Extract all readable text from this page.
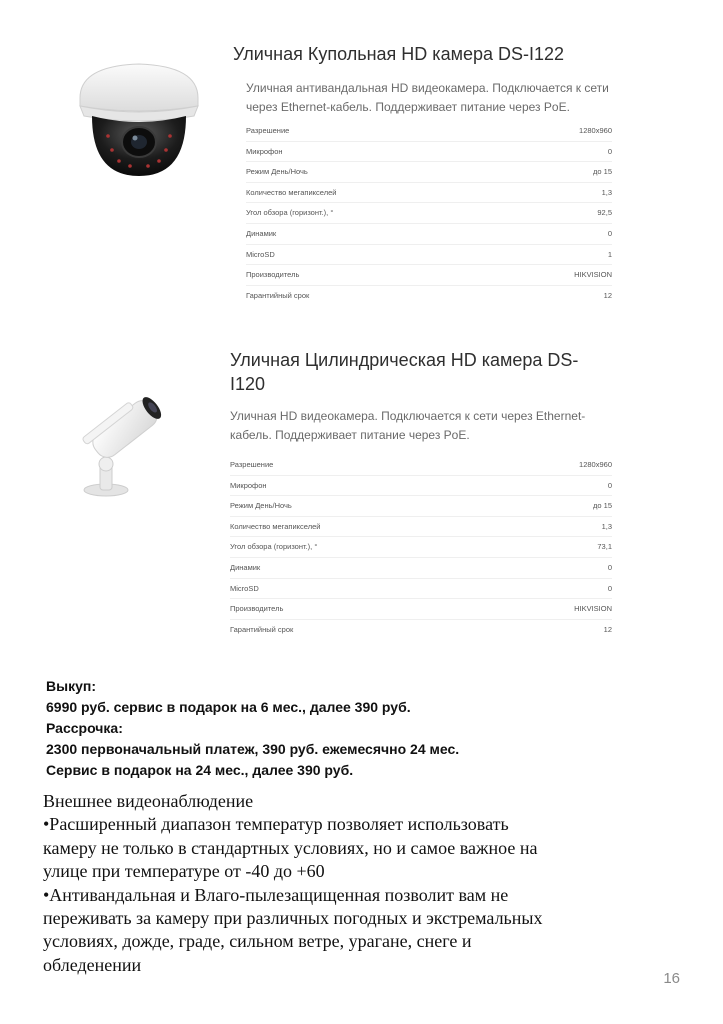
Уличная Купольная HD камера DS-I122
Уличная антивандальная HD видеокамера. Подключается к сети
через Ethernet-кабель. Поддерживает питание через PoE.
Разрешение	1280x960
Микрофон	0
Режим День/Ночь	до 15
Количество мегапикселей	1,3
Угол обзора (горизонт.), °	92,5
Динамик	0
MicroSD	1
Производитель	HIKVISION
Гарантийный срок	12
Уличная Цилиндрическая HD камера DS-
I120
Уличная HD видеокамера. Подключается к сети через Ethernet-
кабель. Поддерживает питание через PoE.
Разрешение	1280x960
Микрофон	0
Режим День/Ночь	до 15
Количество мегапикселей	1,3
Угол обзора (горизонт.), °	73,1
Динамик	0
MicroSD	0
Производитель	HIKVISION
Гарантийный срок	12
Выкуп:
6990 руб. сервис в подарок на 6 мес., далее 390 руб.
Рассрочка:
2300 первоначальный платеж, 390 руб. ежемесячно 24 мес.
Сервис в подарок на 24 мес., далее 390 руб.
Внешнее видеонаблюдение
•Расширенный диапазон температур позволяет использовать
камеру не только в стандартных условиях, но и самое важное на
улице при температуре от -40 до +60
•Антивандальная и Влаго-пылезащищенная позволит вам не
переживать за камеру при различных погодных и экстремальных
условиях, дожде, граде, сильном ветре, урагане, снеге и
обледенении
16
